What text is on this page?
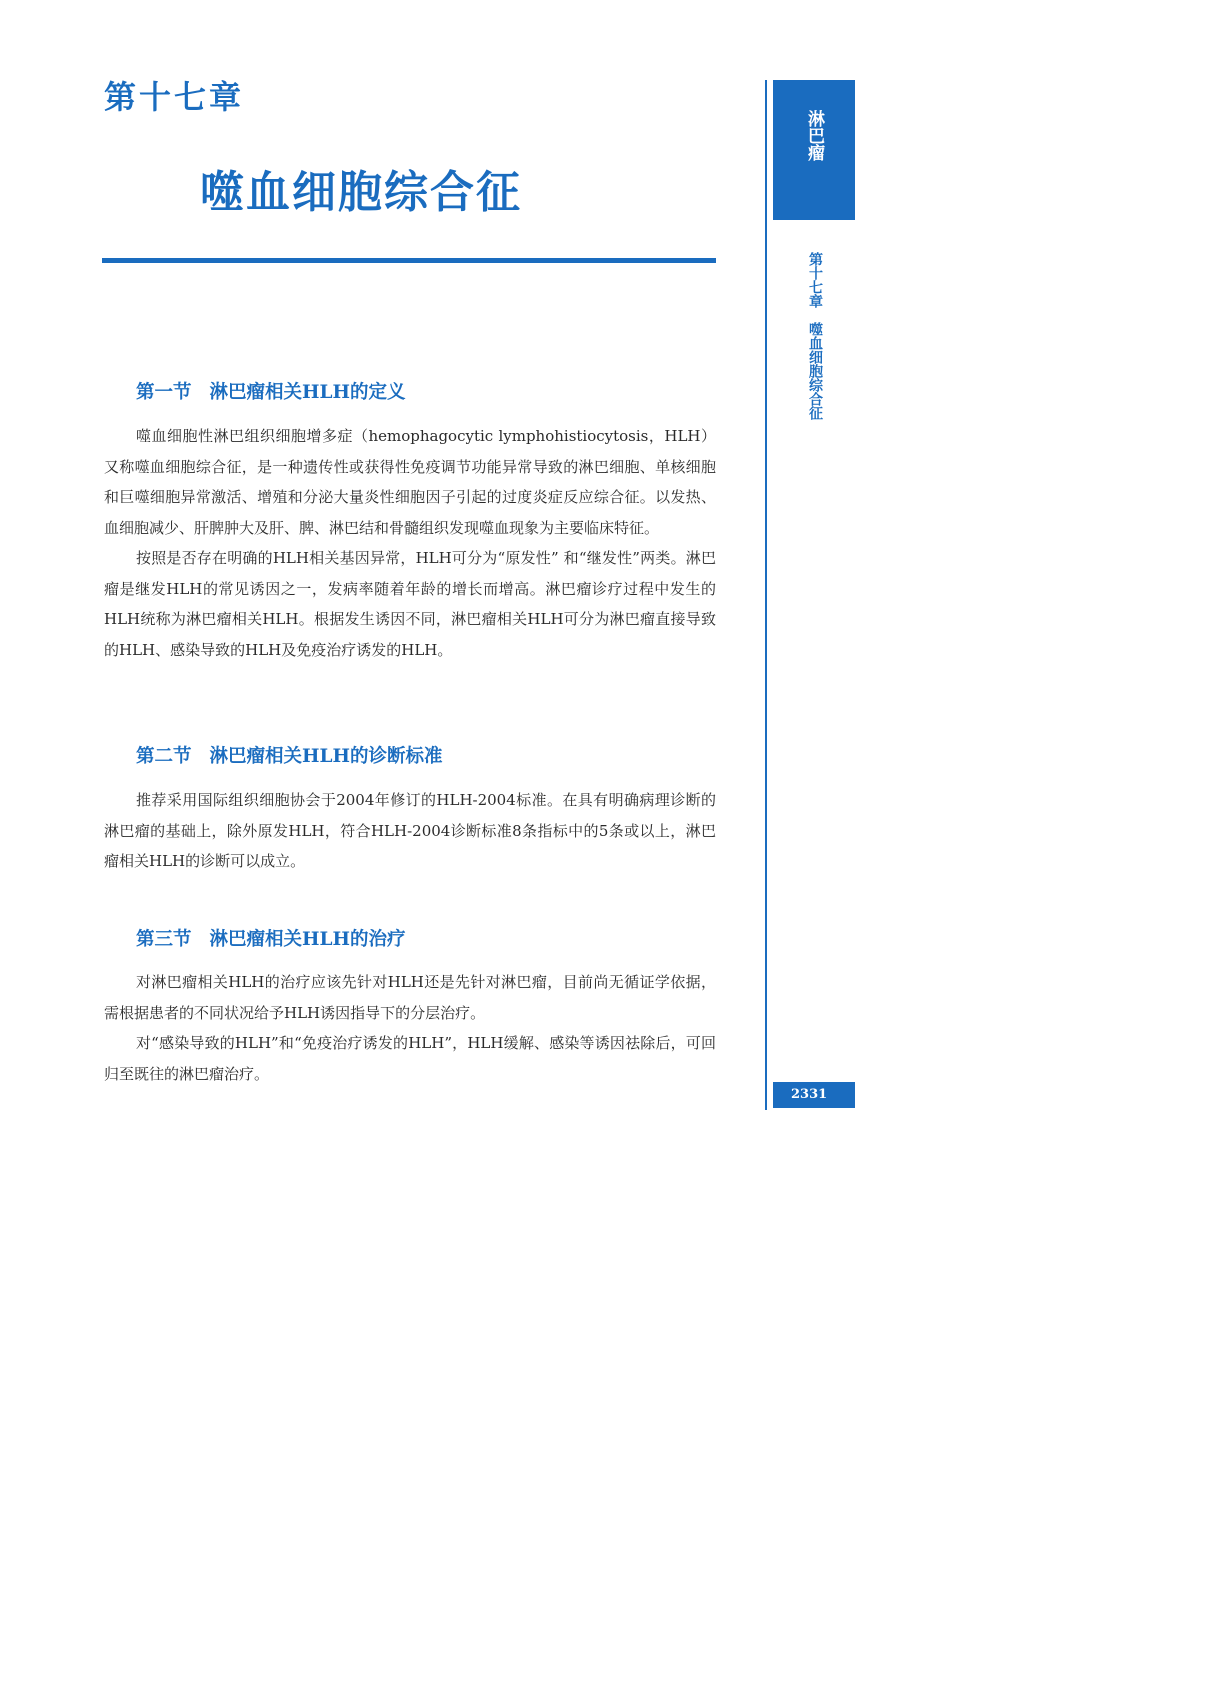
第十七章
噬血细胞综合征
第一节 淋巴瘤相关HLH的定义

噬血细胞性淋巴组织细胞增多症（hemophagocytic lymphohistiocytosis，HLH）又称噬血细胞综合征，是一种遗传性或获得性免疫调节功能异常导致的淋巴细胞、单核细胞和巨噬细胞异常激活、增殖和分泌大量炎性细胞因子引起的过度炎症反应综合征。以发热、血细胞减少、肝脾肿大及肝、脾、淋巴结和骨髓组织发现噬血现象为主要临床特征。

按照是否存在明确的HLH相关基因异常，HLH可分为“原发性” 和“继发性”两类。淋巴瘤是继发HLH的常见诱因之一，发病率随着年龄的增长而增高。淋巴瘤诊疗过程中发生的HLH统称为淋巴瘤相关HLH。根据发生诱因不同，淋巴瘤相关HLH可分为淋巴瘤直接导致的HLH、感染导致的HLH及免疫治疗诱发的HLH。

第二节 淋巴瘤相关HLH的诊断标准

推荐采用国际组织细胞协会于2004年修订的HLH-2004标准。在具有明确病理诊断的淋巴瘤的基础上，除外原发HLH，符合HLH-2004诊断标准8条指标中的5条或以上，淋巴瘤相关HLH的诊断可以成立。

第三节 淋巴瘤相关HLH的治疗

对淋巴瘤相关HLH的治疗应该先针对HLH还是先针对淋巴瘤，目前尚无循证学依据，需根据患者的不同状况给予HLH诱因指导下的分层治疗。

对“感染导致的HLH”和“免疫治疗诱发的HLH”，HLH缓解、感染等诱因祛除后，可回归至既往的淋巴瘤治疗。

淋巴瘤
第十七章噬血细胞综合征
2331
